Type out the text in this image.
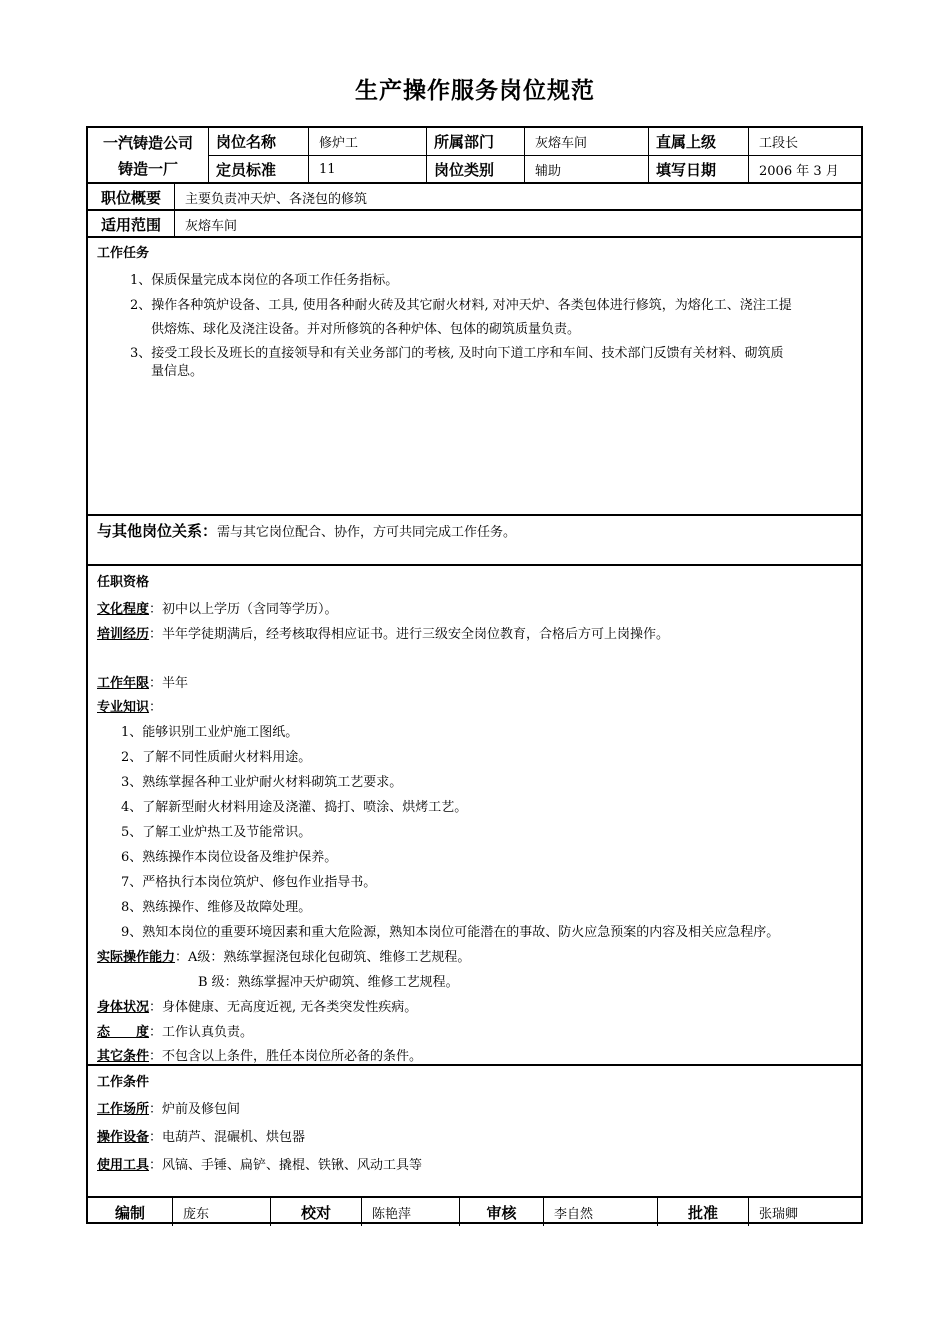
生产操作服务岗位规范
一汽铸造公司
铸造一厂
岗位名称	修炉工	所属部门	灰熔车间	直属上级	工段长
定员标准	11	岗位类别	辅助	填写日期	2006 年 3 月
职位概要	主要负责冲天炉、各浇包的修筑
适用范围	灰熔车间
工作任务
1、保质保量完成本岗位的各项工作任务指标。
2、操作各种筑炉设备、工具, 使用各种耐火砖及其它耐火材料, 对冲天炉、各类包体进行修筑，为熔化工、浇注工提
供熔炼、球化及浇注设备。并对所修筑的各种炉体、包体的砌筑质量负责。
3、接受工段长及班长的直接领导和有关业务部门的考核, 及时向下道工序和车间、技术部门反馈有关材料、砌筑质
量信息。
与其他岗位关系：需与其它岗位配合、协作，方可共同完成工作任务。
任职资格
文化程度：初中以上学历（含同等学历）。
培训经历：半年学徒期满后，经考核取得相应证书。进行三级安全岗位教育，合格后方可上岗操作。
工作年限：半年
专业知识：
1、能够识别工业炉施工图纸。
2、了解不同性质耐火材料用途。
3、熟练掌握各种工业炉耐火材料砌筑工艺要求。
4、了解新型耐火材料用途及浇灌、捣打、喷涂、烘烤工艺。
5、了解工业炉热工及节能常识。
6、熟练操作本岗位设备及维护保养。
7、严格执行本岗位筑炉、修包作业指导书。
8、熟练操作、维修及故障处理。
9、熟知本岗位的重要环境因素和重大危险源，熟知本岗位可能潜在的事故、防火应急预案的内容及相关应急程序。
实际操作能力：A级：熟练掌握浇包球化包砌筑、维修工艺规程。
B 级：熟练掌握冲天炉砌筑、维修工艺规程。
身体状况：身体健康、无高度近视, 无各类突发性疾病。
态　　度：工作认真负责。
其它条件：不包含以上条件，胜任本岗位所必备的条件。
工作条件
工作场所：炉前及修包间
操作设备：电葫芦、混碾机、烘包器
使用工具：风镐、手锤、扁铲、撬棍、铁锹、风动工具等
编制	庞东	校对	陈艳萍	审核	李自然	批准	张瑞卿
